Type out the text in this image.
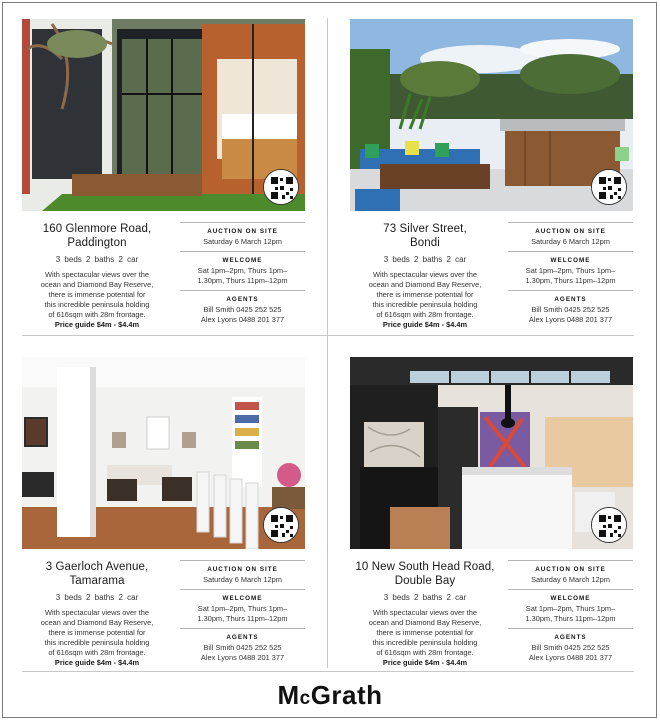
160 Glenmore Road,
Paddington
3 beds 2 baths 2 car
With spectacular views over the
ocean and Diamond Bay Reserve,
there is immense potential for
this incredible peninsula holding
of 616sqm with 28m frontage.
Price guide $4m - $4.4m
AUCTION ON SITE
Saturday 6 March 12pm
WELCOME
Sat 1pm–2pm, Thurs 1pm–
1.30pm, Thurs 11pm–12pm
AGENTS
Bill Smith 0425 252 525
Alex Lyons 0488 201 377
73 Silver Street,
Bondi
3 beds 2 baths 2 car
With spectacular views over the
ocean and Diamond Bay Reserve,
there is immense potential for
this incredible peninsula holding
of 616sqm with 28m frontage.
Price guide $4m - $4.4m
AUCTION ON SITE
Saturday 6 March 12pm
WELCOME
Sat 1pm–2pm, Thurs 1pm–
1.30pm, Thurs 11pm–12pm
AGENTS
Bill Smith 0425 252 525
Alex Lyons 0488 201 377
3 Gaerloch Avenue,
Tamarama
3 beds 2 baths 2 car
With spectacular views over the
ocean and Diamond Bay Reserve,
there is immense potential for
this incredible peninsula holding
of 616sqm with 28m frontage.
Price guide $4m - $4.4m
AUCTION ON SITE
Saturday 6 March 12pm
WELCOME
Sat 1pm–2pm, Thurs 1pm–
1.30pm, Thurs 11pm–12pm
AGENTS
Bill Smith 0425 252 525
Alex Lyons 0488 201 377
10 New South Head Road,
Double Bay
3 beds 2 baths 2 car
With spectacular views over the
ocean and Diamond Bay Reserve,
there is immense potential for
this incredible peninsula holding
of 616sqm with 28m frontage.
Price guide $4m - $4.4m
AUCTION ON SITE
Saturday 6 March 12pm
WELCOME
Sat 1pm–2pm, Thurs 1pm–
1.30pm, Thurs 11pm–12pm
AGENTS
Bill Smith 0425 252 525
Alex Lyons 0488 201 377
McGrath
